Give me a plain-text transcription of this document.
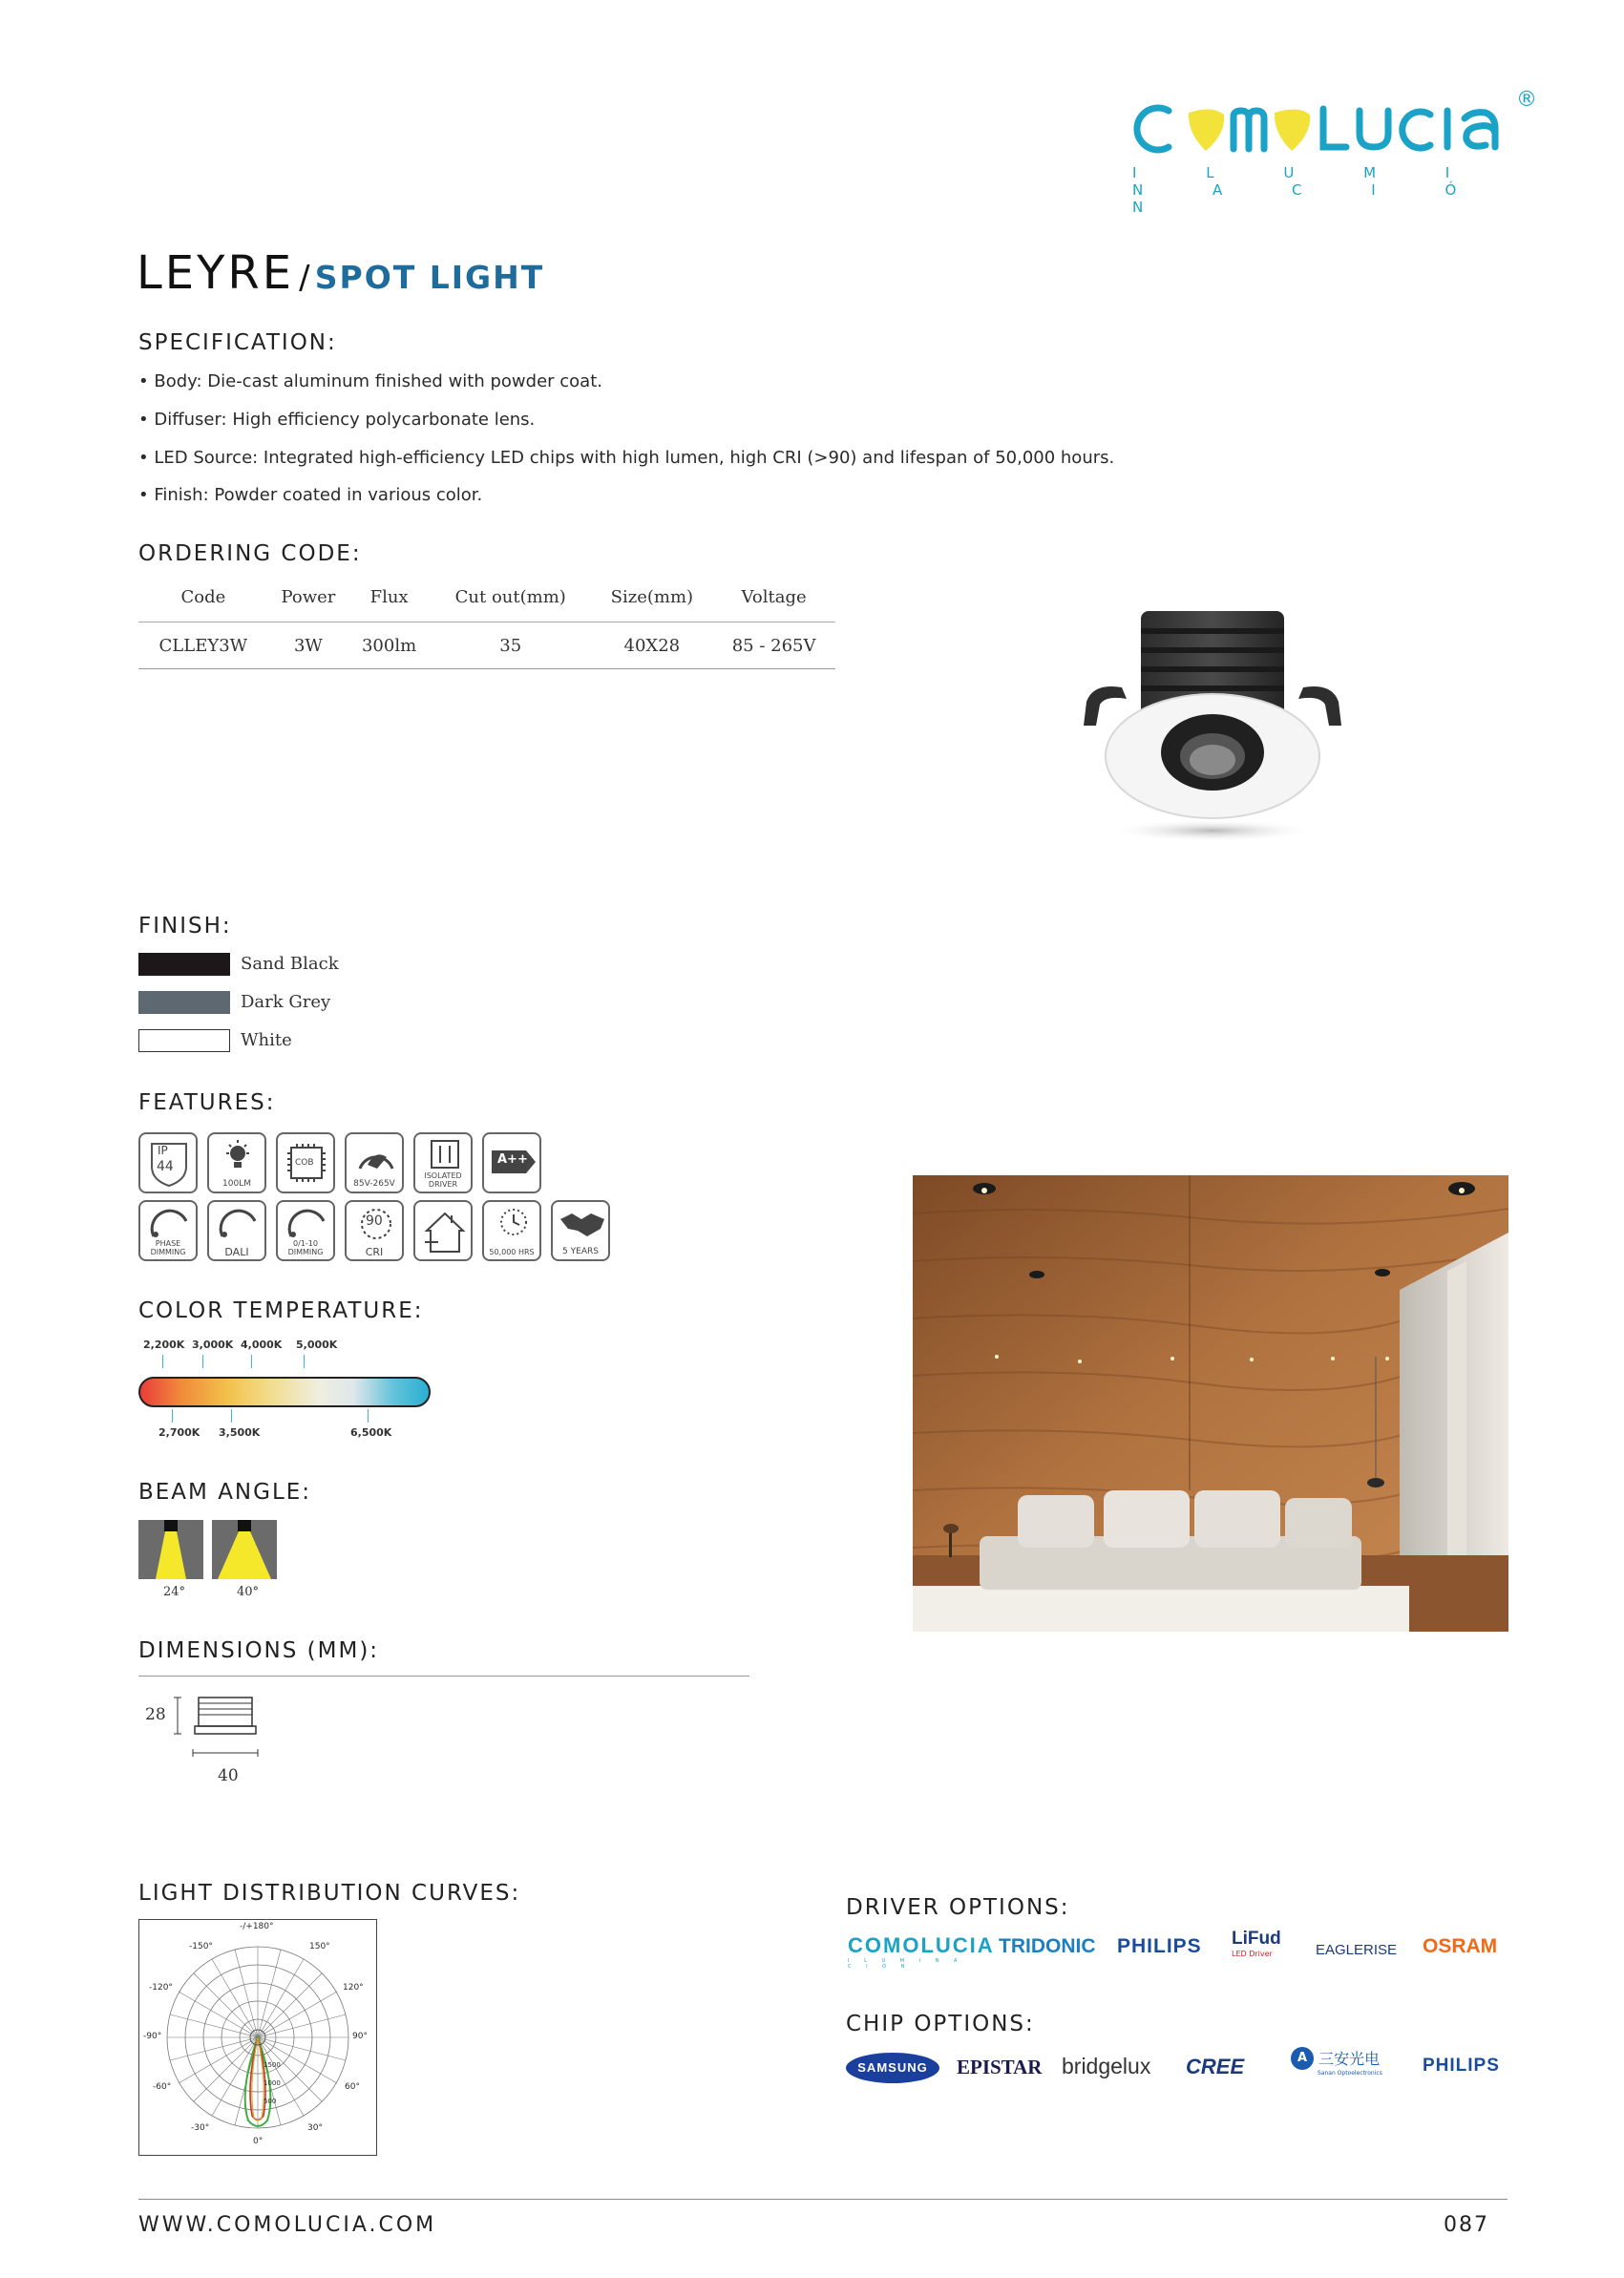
®
I L U M I N A C I Ó N
LEYRE / SPOT LIGHT
SPECIFICATION:
• Body: Die-cast aluminum finished with powder coat.
• Diffuser: High efficiency polycarbonate lens.
• LED Source: Integrated high-efficiency LED chips with high lumen, high CRI (>90) and lifespan of 50,000 hours.
• Finish: Powder coated in various color.
ORDERING CODE:
Code	Power	Flux	Cut out(mm)	Size(mm)	Voltage
CLLEY3W	3W	300lm	35	40X28	85 - 265V
FINISH:
Sand Black
Dark Grey
White
FEATURES:
IP
44
100LM
COB
85V-265V
ISOLATED DRIVER
A++
PHASE DIMMING	DALI
0/1-10 DIMMING
90
CRI	50,000 HRS	5 YEARS
COLOR TEMPERATURE:
2,200K 3,000K 4,000K 5,000K
2,700K 3,500K	6,500K
BEAM ANGLE:
24°	40°
DIMENSIONS (MM):
28
40
LIGHT DISTRIBUTION CURVES:
-/+180°
-150°	150°
-120°	120°
-90°	90°
-60°	60°
-30°	30°
0°
1500
1000
500
DRIVER OPTIONS:
COMOLUCIA
I L U M I N A C I Ó N
TRIDONIC PHILIPS LiFud
LED Driver	EAGLERISE OSRAM
CHIP OPTIONS:
SAMSUNG	EPISTAR bridgelux CREE	A 三安光电
Sanan Optoelectronics PHILIPS
WWW.COMOLUCIA.COM	087
